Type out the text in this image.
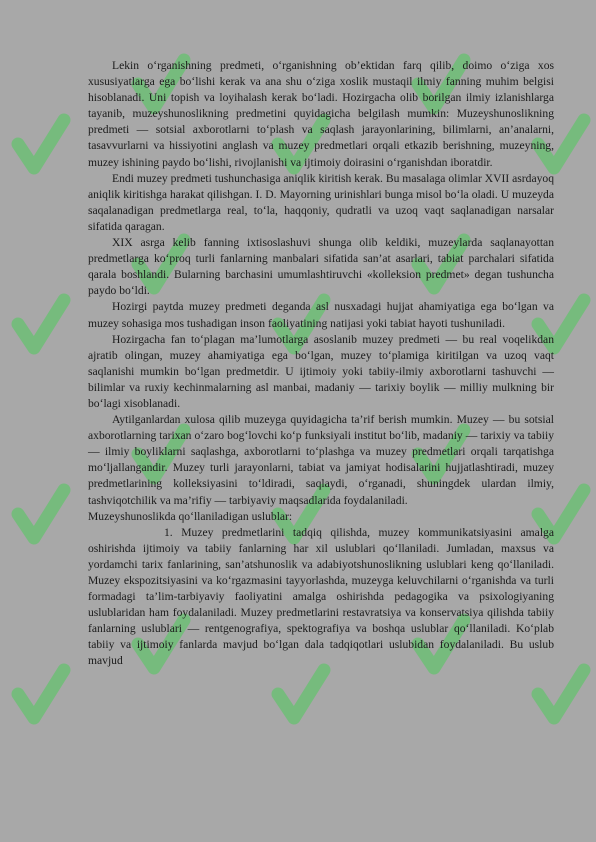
Lekin o‘rganishning predmeti, o‘rganishning ob’ektidan farq qilib, doimo o‘ziga xos xususiyatlarga ega bo‘lishi kerak va ana shu o‘ziga xoslik mustaqil ilmiy fanning muhim belgisi hisoblanadi. Uni topish va loyihalash kerak bo‘ladi. Hozirgacha olib borilgan ilmiy izlanishlarga tayanib, muzeyshunoslikning predmetini quyidagicha belgilash mumkin: Muzeyshunoslikning predmeti — sotsial axborotlarni to‘plash va saqlash jarayonlarining, bilimlarni, an’analarni, tasavvurlarni va hissiyotini anglash va muzey predmetlari orqali etkazib berishning, muzeyning, muzey ishining paydo bo‘lishi, rivojlanishi va ijtimoiy doirasini o‘rganishdan iboratdir.

Endi muzey predmeti tushunchasiga aniqlik kiritish kerak. Bu masalaga olimlar XVII asrdayoq aniqlik kiritishga harakat qilishgan. I. D. Mayorning urinishlari bunga misol bo‘la oladi. U muzeyda saqalanadigan predmetlarga real, to‘la, haqqoniy, qudratli va uzoq vaqt saqlanadigan narsalar sifatida qaragan.

XIX asrga kelib fanning ixtisoslashuvi shunga olib keldiki, muzeylarda saqlanayottan predmetlarga ko‘proq turli fanlarning manbalari sifatida san’at asarlari, tabiat parchalari sifatida qarala boshlandi. Bularning barchasini umumlashtiruvchi «kolleksion predmet» degan tushuncha paydo bo‘ldi.

Hozirgi paytda muzey predmeti deganda asl nusxadagi hujjat ahamiyatiga ega bo‘lgan va muzey sohasiga mos tushadigan inson faoliyatining natijasi yoki tabiat hayoti tushuniladi.

Hozirgacha fan to‘plagan ma’lumotlarga asoslanib muzey predmeti — bu real voqelikdan ajratib olingan, muzey ahamiyatiga ega bo‘lgan, muzey to‘plamiga kiritilgan va uzoq vaqt saqlanishi mumkin bo‘lgan predmetdir. U ijtimoiy yoki tabiiy-ilmiy axborotlarni tashuvchi — bilimlar va ruxiy kechinmalarning asl manbai, madaniy — tarixiy boylik — milliy mulkning bir bo‘lagi xisoblanadi.

Aytilganlardan xulosa qilib muzeyga quyidagicha ta’rif berish mumkin. Muzey — bu sotsial axborotlarning tarixan o‘zaro bog‘lovchi ko‘p funksiyali institut bo‘lib, madaniy — tarixiy va tabiiy — ilmiy boyliklarni saqlashga, axborotlarni to‘plashga va muzey predmetlari orqali tarqatishga mo‘ljallangandir. Muzey turli jarayonlarni, tabiat va jamiyat hodisalarini hujjatlashtiradi, muzey predmetlarining kolleksiyasini to‘ldiradi, saqlaydi, o‘rganadi, shuningdek ulardan ilmiy, tashviqotchilik va ma’rifiy — tarbiyaviy maqsadlarida foydalaniladi.

Muzeyshunoslikda qo‘llaniladigan uslublar:

1. Muzey predmetlarini tadqiq qilishda, muzey kommunikatsiyasini amalga oshirishda ijtimoiy va tabiiy fanlarning har xil uslublari qo‘llaniladi. Jumladan, maxsus va yordamchi tarix fanlarining, san’atshunoslik va adabiyotshunoslikning uslublari keng qo‘llaniladi. Muzey ekspozitsiyasini va ko‘rgazmasini tayyorlashda, muzeyga keluvchilarni o‘rganishda va turli formadagi ta’lim-tarbiyaviy faoliyatini amalga oshirishda pedagogika va psixologiyaning uslublaridan ham foydalaniladi. Muzey predmetlarini restavratsiya va konservatsiya qilishda tabiiy fanlarning uslublari — rentgenografiya, spektografiya va boshqa uslublar qo‘llaniladi. Ko‘plab tabiiy va ijtimoiy fanlarda mavjud bo‘lgan dala tadqiqotlari uslubidan foydalaniladi. Bu uslub mavjud
